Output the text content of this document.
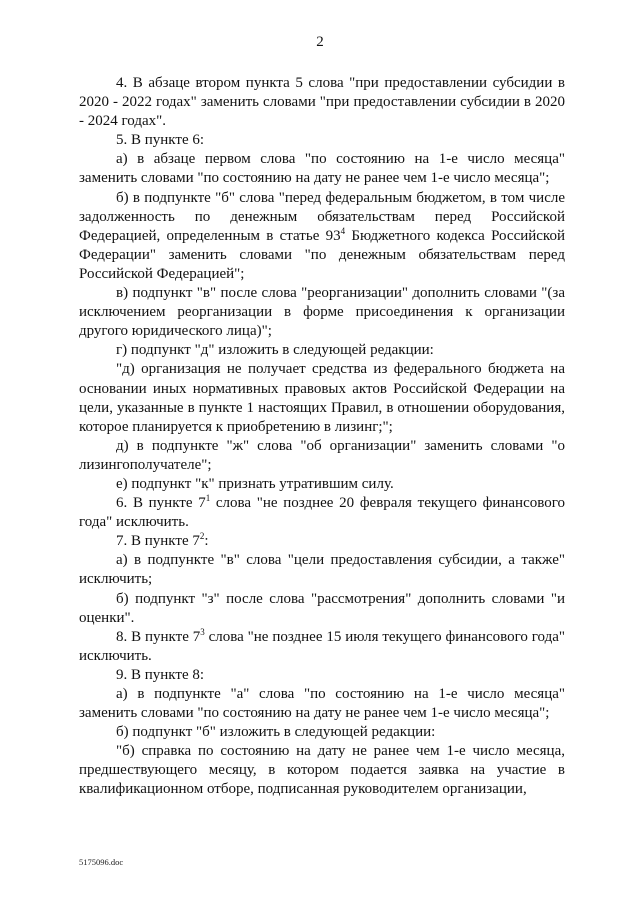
2

4. В абзаце втором пункта 5 слова "при предоставлении субсидии в 2020 - 2022 годах" заменить словами "при предоставлении субсидии в 2020 - 2024 годах".

5. В пункте 6:

а) в абзаце первом слова "по состоянию на 1-е число месяца" заменить словами "по состоянию на дату не ранее чем 1-е число месяца";

б) в подпункте "б" слова "перед федеральным бюджетом, в том числе задолженность по денежным обязательствам перед Российской Федерацией, определенным в статье $93^4$ Бюджетного кодекса Российской Федерации" заменить словами "по денежным обязательствам перед Российской Федерацией";

в) подпункт "в" после слова "реорганизации" дополнить словами "(за исключением реорганизации в форме присоединения к организации другого юридического лица)";

г) подпункт "д" изложить в следующей редакции:

"д) организация не получает средства из федерального бюджета на основании иных нормативных правовых актов Российской Федерации на цели, указанные в пункте 1 настоящих Правил, в отношении оборудования, которое планируется к приобретению в лизинг;";

д) в подпункте "ж" слова "об организации" заменить словами "о лизингополучателе";

е) подпункт "к" признать утратившим силу.

6. В пункте $7^1$ слова "не позднее 20 февраля текущего финансового года" исключить.

7. В пункте $7^2$:

а) в подпункте "в" слова "цели предоставления субсидии, а также" исключить;

б) подпункт "з" после слова "рассмотрения" дополнить словами "и оценки".

8. В пункте $7^3$ слова "не позднее 15 июля текущего финансового года" исключить.

9. В пункте 8:

а) в подпункте "а" слова "по состоянию на 1-е число месяца" заменить словами "по состоянию на дату не ранее чем 1-е число месяца";

б) подпункт "б" изложить в следующей редакции:

"б) справка по состоянию на дату не ранее чем 1-е число месяца, предшествующего месяцу, в котором подается заявка на участие в квалификационном отборе, подписанная руководителем организации,

5175096.doc
